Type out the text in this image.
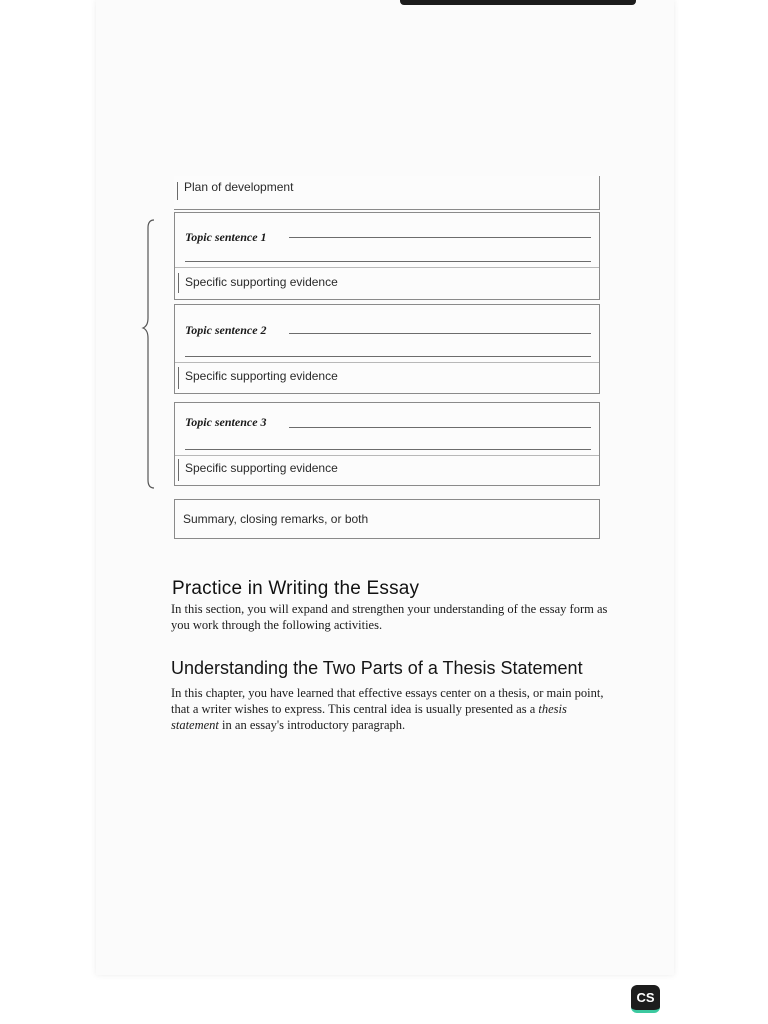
Plan of development
Topic sentence 1
Specific supporting evidence
Topic sentence 2
Specific supporting evidence
Topic sentence 3
Specific supporting evidence
Summary, closing remarks, or both
Practice in Writing the Essay

In this section, you will expand and strengthen your understanding of the essay form as you work through the following activities.

Understanding the Two Parts of a Thesis Statement

In this chapter, you have learned that effective essays center on a thesis, or main point, that a writer wishes to express. This central idea is usually presented as a thesis statement in an essay's introductory paragraph.

CS
